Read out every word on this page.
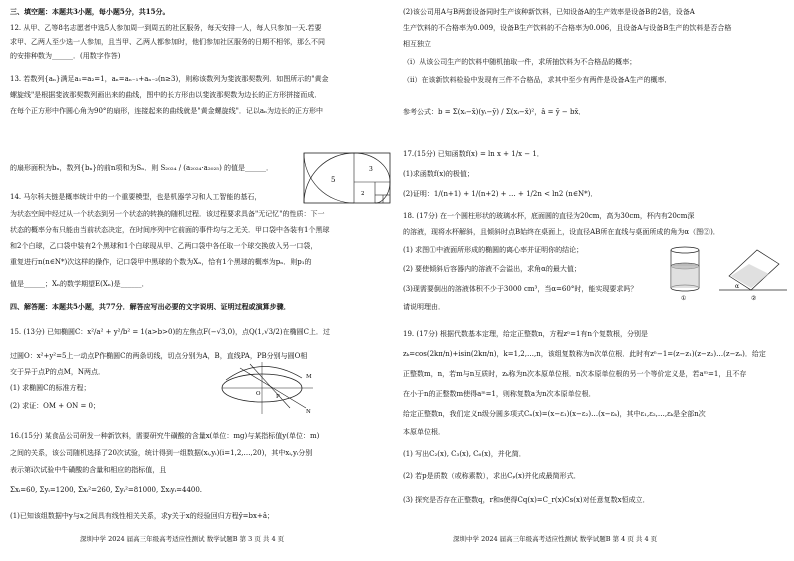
三、填空题：本题共3小题，每小题5分，共15分。
12. 从甲、乙等8名志愿者中选5人参加周一到周五的社区服务，每天安排一人，每人只参加一天.若要
求甲、乙两人至少选一人参加，且当甲、乙两人都参加时，他们参加社区服务的日期不相邻，那么不同
的安排种数为______．(用数字作答)
13. 若数列{aₙ}满足a₁=a₂=1，aₙ=aₙ₋₁+aₙ₋₂(n≥3)，则称该数列为斐波那契数列．如图所示的"黄金
螺旋线"是根据斐波那契数列画出来的曲线，图中的长方形由以斐波那契数为边长的正方形拼接而成．
在每个正方形中作圆心角为90°的扇形，连接起来的曲线就是"黄金螺旋线"．记以aₙ为边长的正方形中
的扇形面积为bₙ，数列{bₙ}的前n项和为Sₙ．则 S₂₀₂₄ / (a₂₀₂₄·a₂₀₂₅) 的值是______．
5
3
2
14. 马尔科夫链是概率统计中的一个重要模型，也是机器学习和人工智能的基石，
为状态空间中经过从一个状态到另一个状态的转换的随机过程．该过程要求具备"无记忆"的性质：下一
状态的概率分布只能由当前状态决定，在时间序列中它前面的事件均与之无关．甲口袋中各装有1个黑球
和2个白球，乙口袋中装有2个黑球和1个白球现从甲、乙两口袋中各任取一个球交换放入另一口袋，
重复进行n(n∈N*)次这样的操作，记口袋甲中黑球的个数为Xₙ，恰有1个黑球的概率为pₙ．则p₁的
值是______；Xₙ的数学期望E(Xₙ)是______．
四、解答题：本题共5小题，共77分．解答应写出必要的文字说明、证明过程或演算步骤．
15. (13分) 已知椭圆C：x²/a² + y²/b² = 1(a>b>0)的左焦点F(−√3,0)，点Q(1,√3/2)在椭圆C上．过
过圆O：x²+y²=5上一动点P作椭圆C的两条切线，切点分别为A，B，直线PA，PB分别与圆O相
交于异于点P的点M，N两点．
(1) 求椭圆C的标准方程；
(2) 求证：OM + ON = 0；
P
M
N
O
16.(15分) 某食品公司研发一种新饮料，需要研究牛磺酸的含量x(单位：mg)与某指标值y(单位：m)
之间的关系，该公司随机选择了20次试验，统计得到一组数据(xᵢ,yᵢ)(i=1,2,…,20)，其中xᵢ,yᵢ分别
表示第i次试验中牛磺酸的含量和相应的指标值，且
Σxᵢ=60, Σyᵢ=1200, Σxᵢ²=260, Σyᵢ²=81000, Σxᵢyᵢ=4400.
(1)已知该组数据中y与x之间具有线性相关关系，求y关于x的经验回归方程ŷ=b̂x+â；
深圳中学 2024 届高三年级高考适应性测试 数学试题B 第 3 页 共 4 页
(2)该公司用A与B两套设备同时生产该种新饮料，已知设备A的生产效率是设备B的2倍，设备A
生产饮料的不合格率为0.009，设备B生产饮料的不合格率为0.006，且设备A与设备B生产的饮料是否合格
相互独立
（i）从该公司生产的饮料中随机抽取一件，求所抽饮料为不合格品的概率；
（ii）在该新饮料检验中发现有三件不合格品，求其中至少有两件是设备A生产的概率．
参考公式：b̂ = Σ(xᵢ−x̄)(yᵢ−ȳ) / Σ(xᵢ−x̄)²，â = ȳ − b̂x̄．
17.(15分) 已知函数f(x) = ln x + 1/x − 1．
(1)求函数f(x)的极值；
(2)证明：1/(n+1) + 1/(n+2) + … + 1/2n < ln2 (n∈N*)．
18. (17分) 在一个圆柱形状的玻璃水杯，底面圆的直径为20cm，高为30cm，杯内有20cm深
的溶液，现将水杯解斜，且倾斜时点B始终在桌面上，设直径AB所在直线与桌面所成的角为α（图②)．
(1) 求图①中液面所形成的椭圆的离心率并证明你的结论；
(2) 要使倾斜后容器内的溶液不会溢出，求角α的最大值；
(3)现需要倒出的溶液体积不少于3000 cm³，当α=60°时，能实现要求吗？
请说明理由．
①
α
②
19. (17分) 根据代数基本定理，给定正整数n，方程zⁿ=1有n个复数根，分别是
zₖ=cos(2kπ/n)+isin(2kπ/n)，k=1,2,…,n，该组复数称为n次单位根．此时有zⁿ−1=(z−z₁)(z−z₂)…(z−zₙ)．给定
正整数m，n，若m与n互质时，zₖ称为n次本原单位根．n次本原单位根的另一个等价定义是，若aᵐ=1，且不存
在小于n的正整数m使得aᵐ=1，则称复数a为n次本原单位根．
给定正整数n，我们定义n级分圆多项式Cₙ(x)=(x−ε₁)(x−ε₂)…(x−εₖ)，其中ε₁,ε₂,…,εₖ是全部n次
本原单位根．
(1) 写出C₂(x), C₃(x), C₆(x)，并化简．
(2) 若p是质数（或称素数），求出Cₚ(x)并化成最简形式．
(3) 探究是否存在正整数q，r和s使得Cq(x)=C_r(x)Cs(x)对任意复数x恒成立．
深圳中学 2024 届高三年级高考适应性测试 数学试题B 第 4 页 共 4 页
